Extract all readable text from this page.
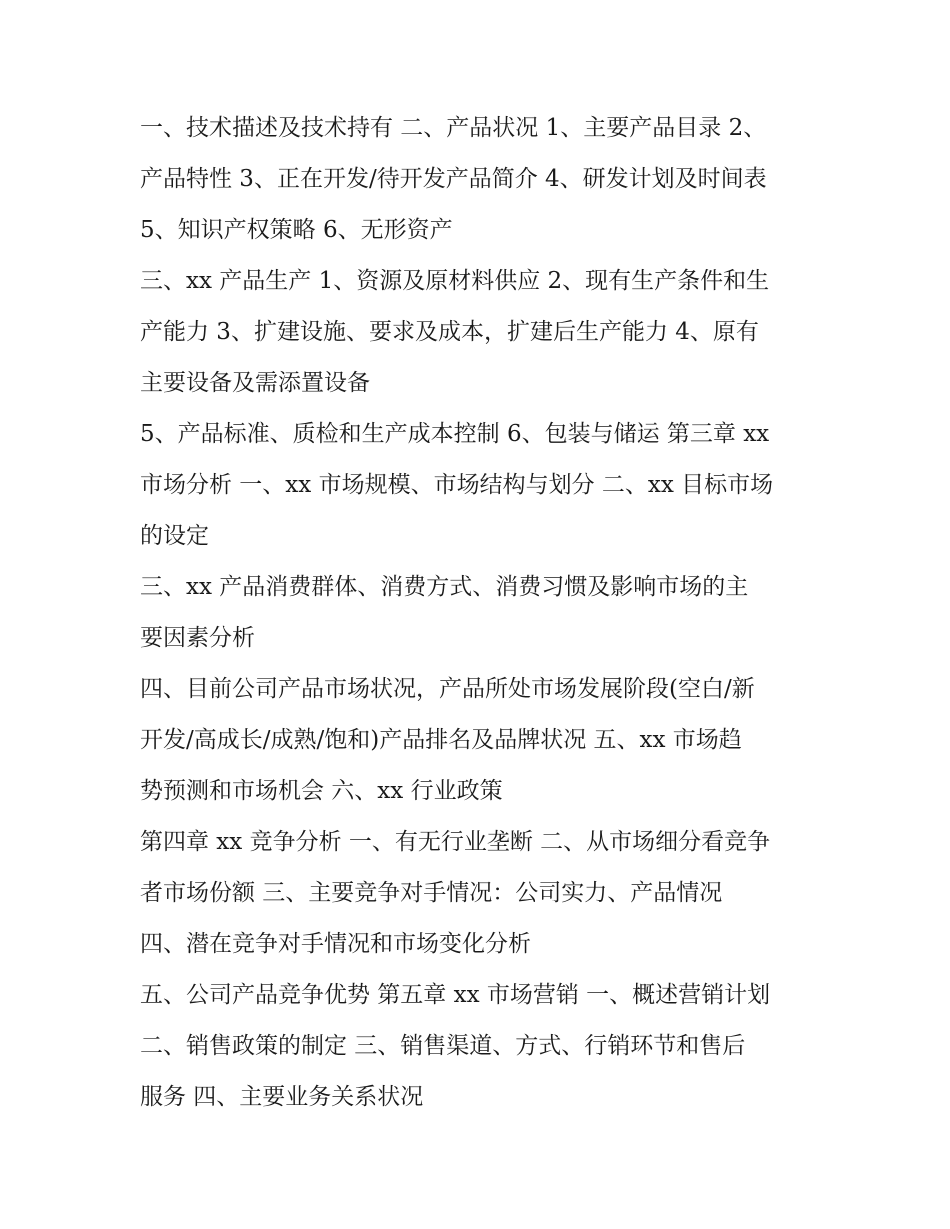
一、技术描述及技术持有 二、产品状况 1、主要产品目录 2、
产品特性 3、正在开发/待开发产品简介 4、研发计划及时间表
5、知识产权策略 6、无形资产

三、xx 产品生产 1、资源及原材料供应 2、现有生产条件和生
产能力 3、扩建设施、要求及成本，扩建后生产能力 4、原有
主要设备及需添置设备

5、产品标准、质检和生产成本控制 6、包装与储运 第三章 xx
市场分析 一、xx 市场规模、市场结构与划分 二、xx 目标市场
的设定

三、xx 产品消费群体、消费方式、消费习惯及影响市场的主
要因素分析

四、目前公司产品市场状况，产品所处市场发展阶段(空白/新
开发/高成长/成熟/饱和)产品排名及品牌状况 五、xx 市场趋
势预测和市场机会 六、xx 行业政策

第四章 xx 竞争分析 一、有无行业垄断 二、从市场细分看竞争
者市场份额 三、主要竞争对手情况：公司实力、产品情况

四、潜在竞争对手情况和市场变化分析

五、公司产品竞争优势 第五章 xx 市场营销 一、概述营销计划
二、销售政策的制定 三、销售渠道、方式、行销环节和售后
服务 四、主要业务关系状况
